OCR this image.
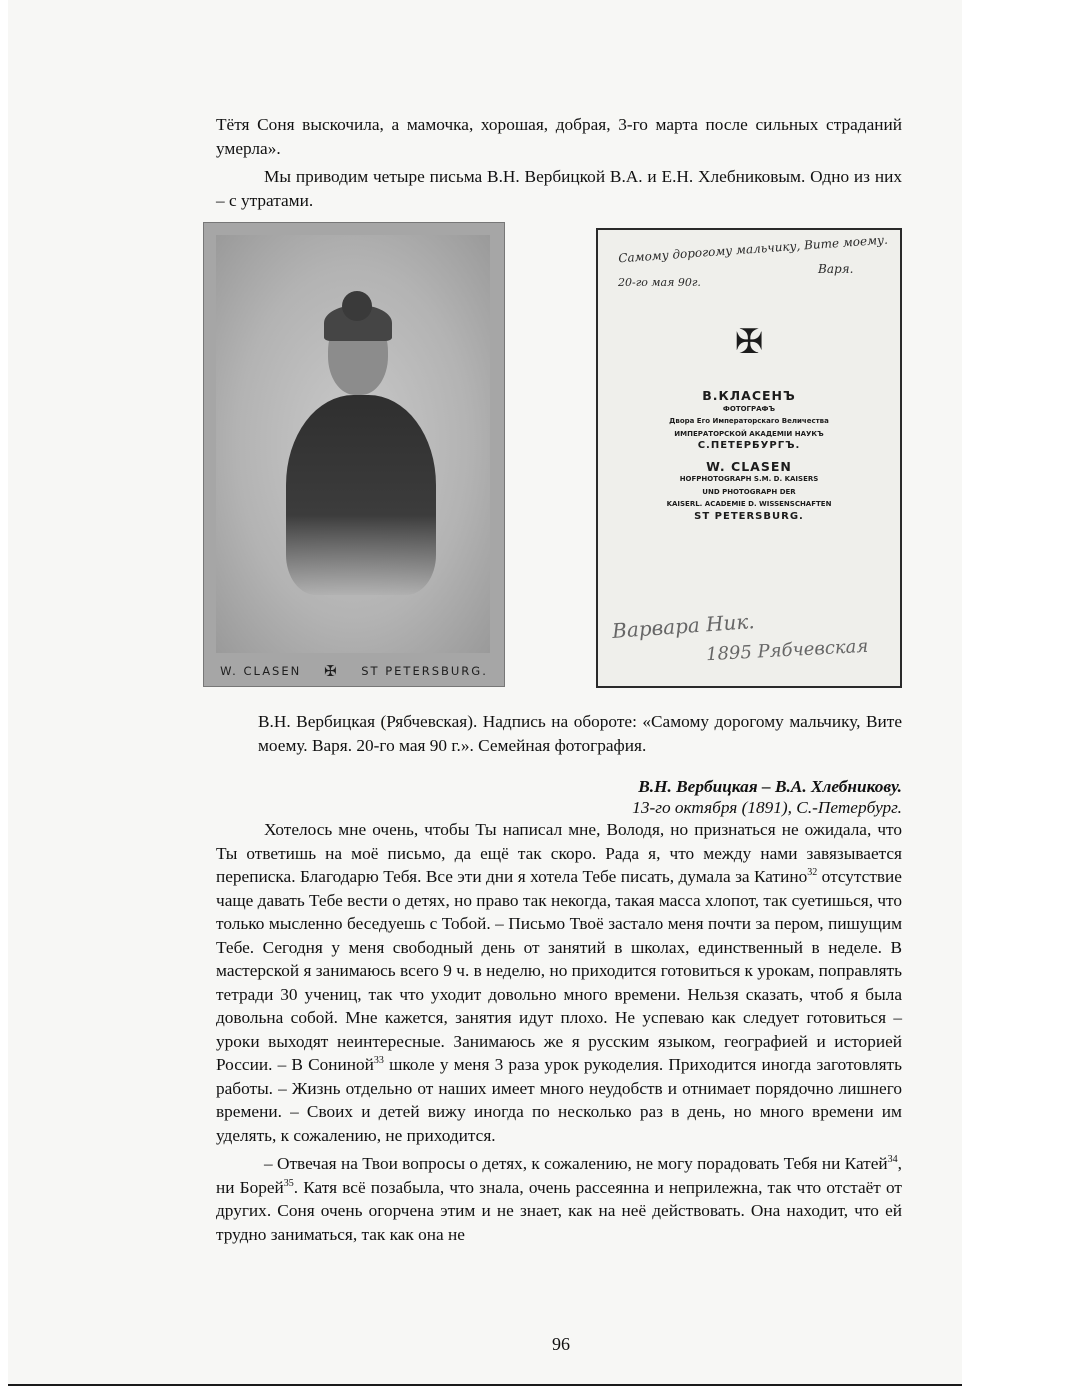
Тётя Соня выскочила, а мамочка, хорошая, добрая, 3-го марта после сильных страданий умерла».

Мы приводим четыре письма В.Н. Вербицкой В.А. и Е.Н. Хлебниковым. Одно из них – с утратами.

W. CLASEN ✠ ST PETERSBURG.
Самому дорогому мальчику, Вите моему.
Варя.
20-го мая 90г.
✠
В.КЛАСЕНЪ
ФОТОГРАФЪ
Двора Его Императорскаго Величества
ИМПЕРАТОРСКОЙ АКАДЕМІИ НАУКЪ
С.ПЕТЕРБУРГЪ.
W. CLASEN
HOFPHOTOGRAPH S.M. D. KAISERS
UND PHOTOGRAPH DER
KAISERL. ACADEMIE D. WISSENSCHAFTEN
ST PETERSBURG.
Варвара Ник.
1895 Рябчевская

В.Н. Вербицкая (Рябчевская). Надпись на обороте: «Самому дорогому мальчику, Вите моему. Варя. 20-го мая 90 г.». Семейная фотография.

В.Н. Вербицкая – В.А. Хлебникову.
13-го октября (1891), С.-Петербург.

Хотелось мне очень, чтобы Ты написал мне, Володя, но признаться не ожидала, что Ты ответишь на моё письмо, да ещё так скоро. Рада я, что между нами завязывается переписка. Благодарю Тебя. Все эти дни я хотела Тебе писать, думала за Катино$^{32}$ отсутствие чаще давать Тебе вести о детях, но право так некогда, такая масса хлопот, так суетишься, что только мысленно беседуешь с Тобой. – Письмо Твоё застало меня почти за пером, пишущим Тебе. Сегодня у меня свободный день от занятий в школах, единственный в неделе. В мастерской я занимаюсь всего 9 ч. в неделю, но приходится готовиться к урокам, поправлять тетради 30 учениц, так что уходит довольно много времени. Нельзя сказать, чтоб я была довольна собой. Мне кажется, занятия идут плохо. Не успеваю как следует готовиться – уроки выходят неинтересные. Занимаюсь же я русским языком, географией и историей России. – В Сониной$^{33}$ школе у меня 3 раза урок рукоделия. Приходится иногда заготовлять работы. – Жизнь отдельно от наших имеет много неудобств и отнимает порядочно лишнего времени. – Своих и детей вижу иногда по несколько раз в день, но много времени им уделять, к сожалению, не приходится.

– Отвечая на Твои вопросы о детях, к сожалению, не могу порадовать Тебя ни Катей$^{34}$, ни Борей$^{35}$. Катя всё позабыла, что знала, очень рассеянна и неприлежна, так что отстаёт от других. Соня очень огорчена этим и не знает, как на неё действовать. Она находит, что ей трудно заниматься, так как она не

96
